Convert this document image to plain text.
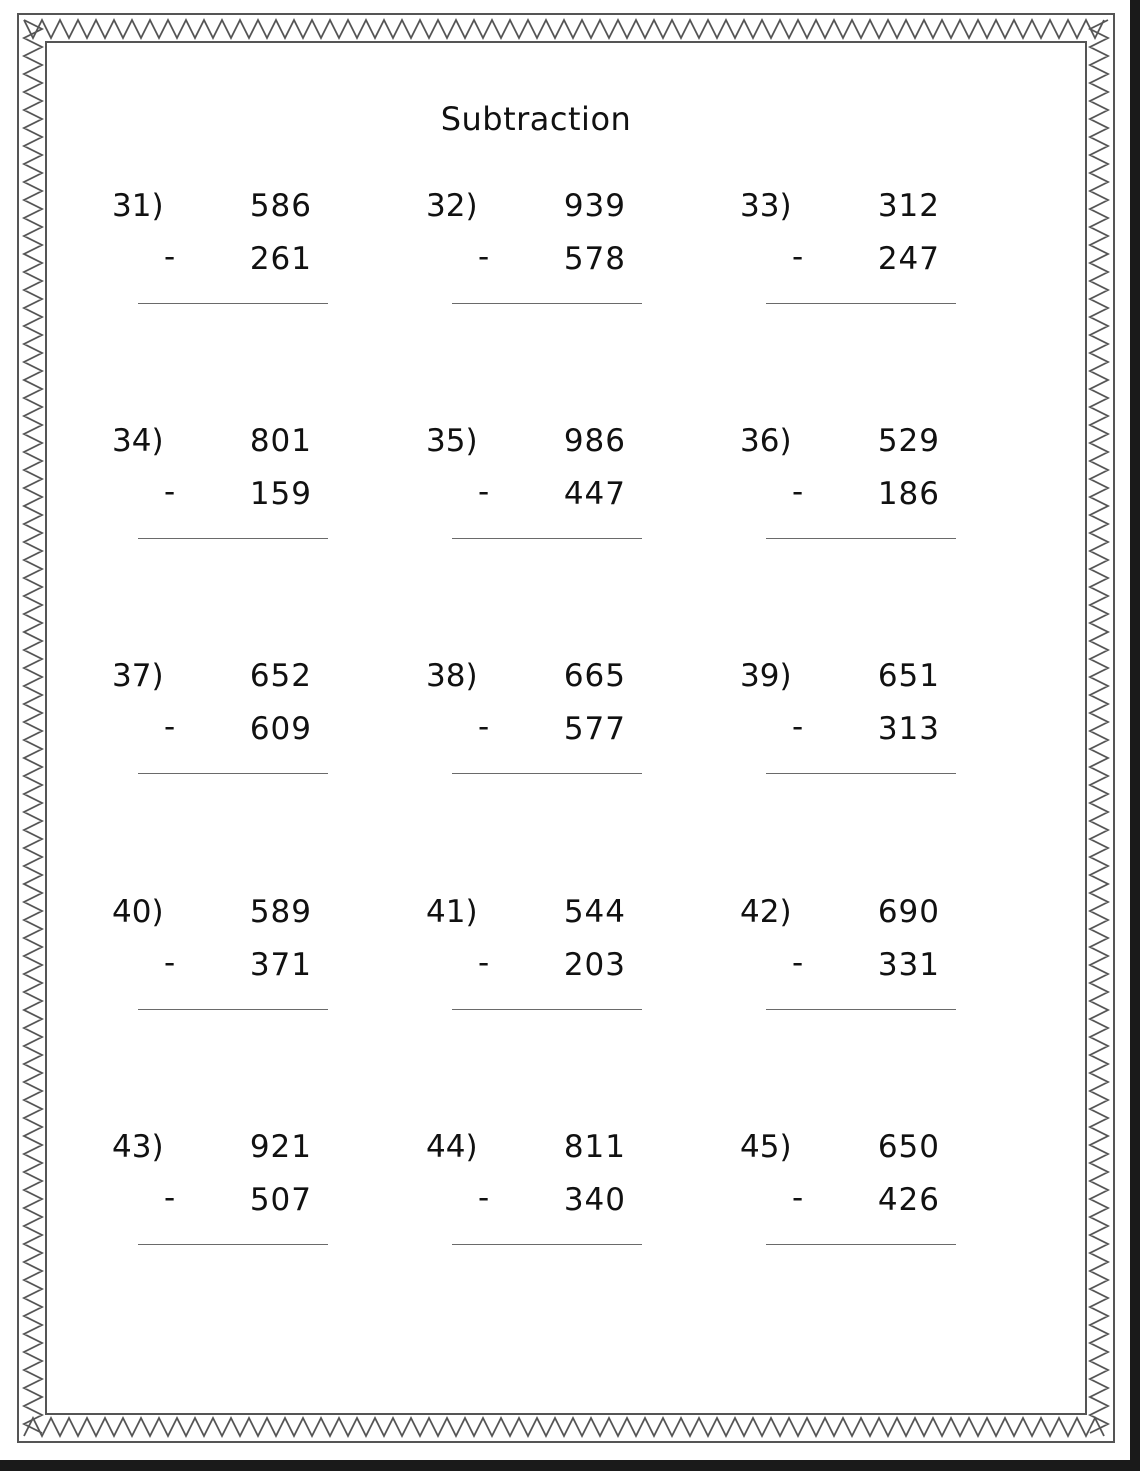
Subtraction
31)	586
- 261
32)	939
- 578
33)	312
- 247
34)	801
- 159
35)	986
- 447
36)	529
- 186
37)	652
- 609
38)	665
- 577
39)	651
- 313
40)	589
- 371
41)	544
- 203
42)	690
- 331
43)	921
- 507
44)	811
- 340
45)	650
- 426
